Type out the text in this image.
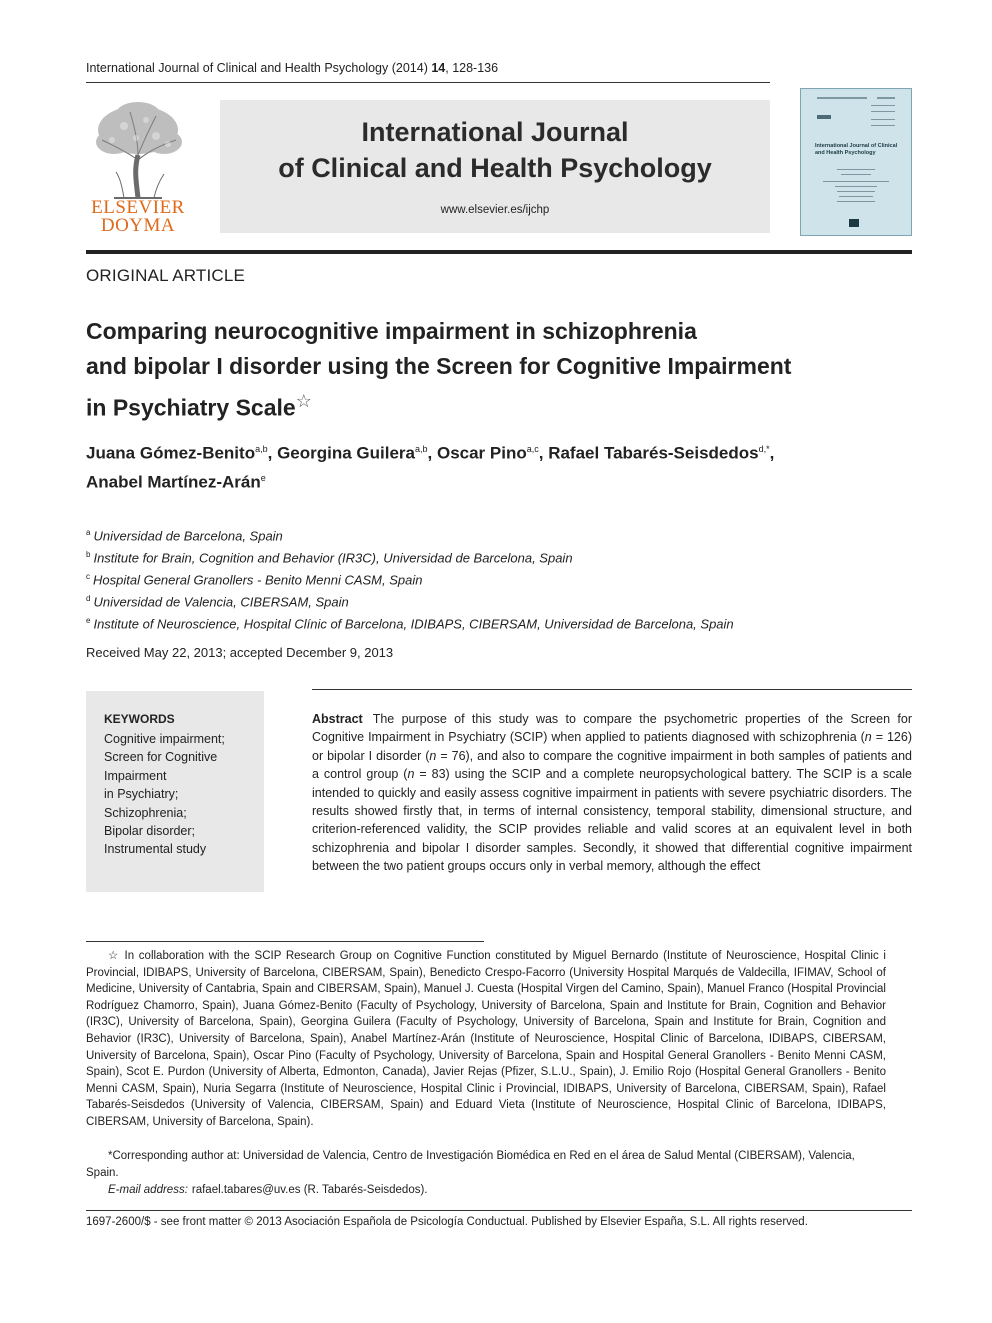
International Journal of Clinical and Health Psychology (2014) 14, 128-136
ELSEVIER
DOYMA
International Journal
of Clinical and Health Psychology
www.elsevier.es/ijchp
International Journal of Clinical and Health Psychology
ORIGINAL ARTICLE
Comparing neurocognitive impairment in schizophrenia
and bipolar I disorder using the Screen for Cognitive Impairment
in Psychiatry Scale☆
Juana Gómez-Benito$^{a,b}$, Georgina Guilera$^{a,b}$, Oscar Pino$^{a,c}$, Rafael Tabarés-Seisdedos$^{d,*}$,
Anabel Martínez-Arán$^e$
$^a$ Universidad de Barcelona, Spain
$^b$ Institute for Brain, Cognition and Behavior (IR3C), Universidad de Barcelona, Spain
$^c$ Hospital General Granollers - Benito Menni CASM, Spain
$^d$ Universidad de Valencia, CIBERSAM, Spain
$^e$ Institute of Neuroscience, Hospital Clínic of Barcelona, IDIBAPS, CIBERSAM, Universidad de Barcelona, Spain
Received May 22, 2013; accepted December 9, 2013
KEYWORDS
Cognitive impairment;
Screen for Cognitive
Impairment
in Psychiatry;
Schizophrenia;
Bipolar disorder;
Instrumental study
Abstract The purpose of this study was to compare the psychometric properties of the Screen for Cognitive Impairment in Psychiatry (SCIP) when applied to patients diagnosed with schizophrenia (n = 126) or bipolar I disorder (n = 76), and also to compare the cognitive impairment in both samples of patients and a control group (n = 83) using the SCIP and a complete neuropsychological battery. The SCIP is a scale intended to quickly and easily assess cognitive impairment in patients with severe psychiatric disorders. The results showed firstly that, in terms of internal consistency, temporal stability, dimensional structure, and criterion-referenced validity, the SCIP provides reliable and valid scores at an equivalent level in both schizophrenia and bipolar I disorder samples. Secondly, it showed that differential cognitive impairment between the two patient groups occurs only in verbal memory, although the effect
☆ In collaboration with the SCIP Research Group on Cognitive Function constituted by Miguel Bernardo (Institute of Neuroscience, Hospital Clinic i Provincial, IDIBAPS, University of Barcelona, CIBERSAM, Spain), Benedicto Crespo-Facorro (University Hospital Marqués de Valdecilla, IFIMAV, School of Medicine, University of Cantabria, Spain and CIBERSAM, Spain), Manuel J. Cuesta (Hospital Virgen del Camino, Spain), Manuel Franco (Hospital Provincial Rodríguez Chamorro, Spain), Juana Gómez-Benito (Faculty of Psychology, University of Barcelona, Spain and Institute for Brain, Cognition and Behavior (IR3C), University of Barcelona, Spain), Georgina Guilera (Faculty of Psychology, University of Barcelona, Spain and Institute for Brain, Cognition and Behavior (IR3C), University of Barcelona, Spain), Anabel Martínez-Arán (Institute of Neuroscience, Hospital Clinic of Barcelona, IDIBAPS, CIBERSAM, University of Barcelona, Spain), Oscar Pino (Faculty of Psychology, University of Barcelona, Spain and Hospital General Granollers - Benito Menni CASM, Spain), Scot E. Purdon (University of Alberta, Edmonton, Canada), Javier Rejas (Pfizer, S.L.U., Spain), J. Emilio Rojo (Hospital General Granollers - Benito Menni CASM, Spain), Nuria Segarra (Institute of Neuroscience, Hospital Clinic i Provincial, IDIBAPS, University of Barcelona, CIBERSAM, Spain), Rafael Tabarés-Seisdedos (University of Valencia, CIBERSAM, Spain) and Eduard Vieta (Institute of Neuroscience, Hospital Clinic of Barcelona, IDIBAPS, CIBERSAM, University of Barcelona, Spain).
*Corresponding author at: Universidad de Valencia, Centro de Investigación Biomédica en Red en el área de Salud Mental (CIBERSAM), Valencia, Spain.
E-mail address: rafael.tabares@uv.es (R. Tabarés-Seisdedos).
1697-2600/$ - see front matter © 2013 Asociación Española de Psicología Conductual. Published by Elsevier España, S.L. All rights reserved.
